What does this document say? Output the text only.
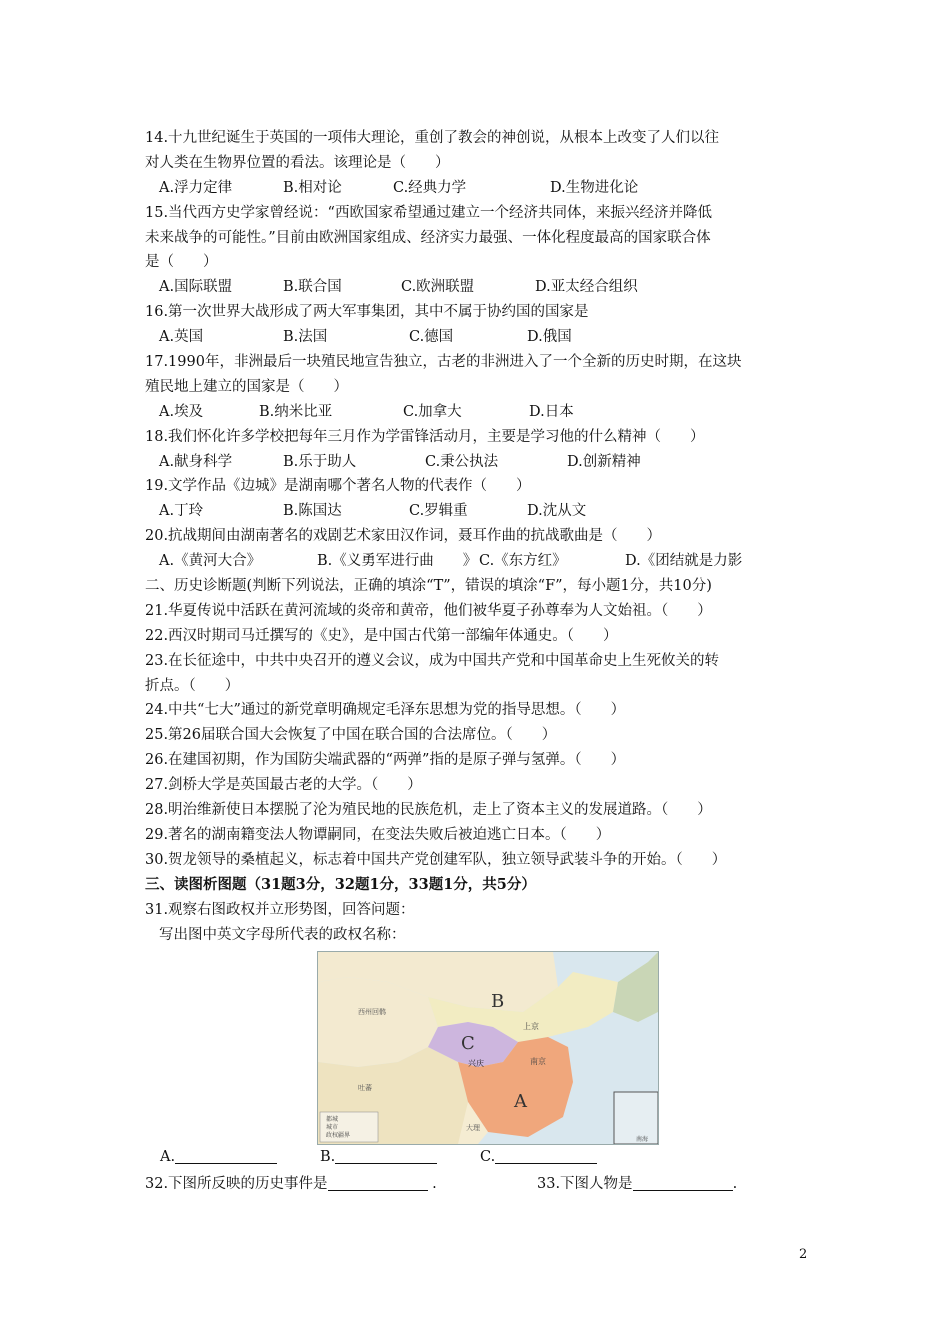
14.十九世纪诞生于英国的一项伟大理论，重创了教会的神创说，从根本上改变了人们以往
对人类在生物界位置的看法。该理论是（　　）
A.浮力定律	B.相对论	C.经典力学	D.生物进化论
15.当代西方史学家曾经说：“西欧国家希望通过建立一个经济共同体，来振兴经济并降低
未来战争的可能性。”目前由欧洲国家组成、经济实力最强、一体化程度最高的国家联合体
是（　　）
A.国际联盟	B.联合国	C.欧洲联盟	D.亚太经合组织
16.第一次世界大战形成了两大军事集团，其中不属于协约国的国家是
A.英国	B.法国	C.德国	D.俄国
17.1990年，非洲最后一块殖民地宣告独立，古老的非洲进入了一个全新的历史时期，在这块
殖民地上建立的国家是（　　）
A.埃及	B.纳米比亚	C.加拿大	D.日本
18.我们怀化许多学校把每年三月作为学雷锋活动月，主要是学习他的什么精神（　　）
A.献身科学	B.乐于助人	C.秉公执法	D.创新精神
19.文学作品《边城》是湖南哪个著名人物的代表作（　　）
A.丁玲	B.陈国达	C.罗辑重	D.沈从文
20.抗战期间由湖南著名的戏剧艺术家田汉作词，聂耳作曲的抗战歌曲是（　　）
A.《黄河大合》	B.《义勇军进行曲　　》 C.《东方红》	D.《团结就是力影
二、历史诊断题(判断下列说法，正确的填涂“T”，错误的填涂“F”，每小题1分，共10分)
21.华夏传说中活跃在黄河流域的炎帝和黄帝，他们被华夏子孙尊奉为人文始祖。（　　）
22.西汉时期司马迁撰写的《史》，是中国古代第一部编年体通史。（　　）
23.在长征途中，中共中央召开的遵义会议，成为中国共产党和中国革命史上生死攸关的转
折点。（　　）
24.中共“七大”通过的新党章明确规定毛泽东思想为党的指导思想。（　　）
25.第26届联合国大会恢复了中国在联合国的合法席位。（　　）
26.在建国初期，作为国防尖端武器的“两弹”指的是原子弹与氢弹。（　　）
27.剑桥大学是英国最古老的大学。（　　）
28.明治维新使日本摆脱了沦为殖民地的民族危机，走上了资本主义的发展道路。（　　）
29.著名的湖南籍变法人物谭嗣同，在变法失败后被迫逃亡日本。（　　）
30.贺龙领导的桑植起义，标志着中国共产党创建军队，独立领导武装斗争的开始。（　　）
三、读图析图题（31题3分，32题1分，33题1分，共5分）
31.观察右图政权并立形势图，回答问题：
写出图中英文字母所代表的政权名称：
B
C
A
上京
兴庆	南京
西州回鹘
吐蕃
大理
都城
城市
政权疆界
南海
A.	B.	C.
32.下图所反映的历史事件是	.	33.下图人物是	.
2
